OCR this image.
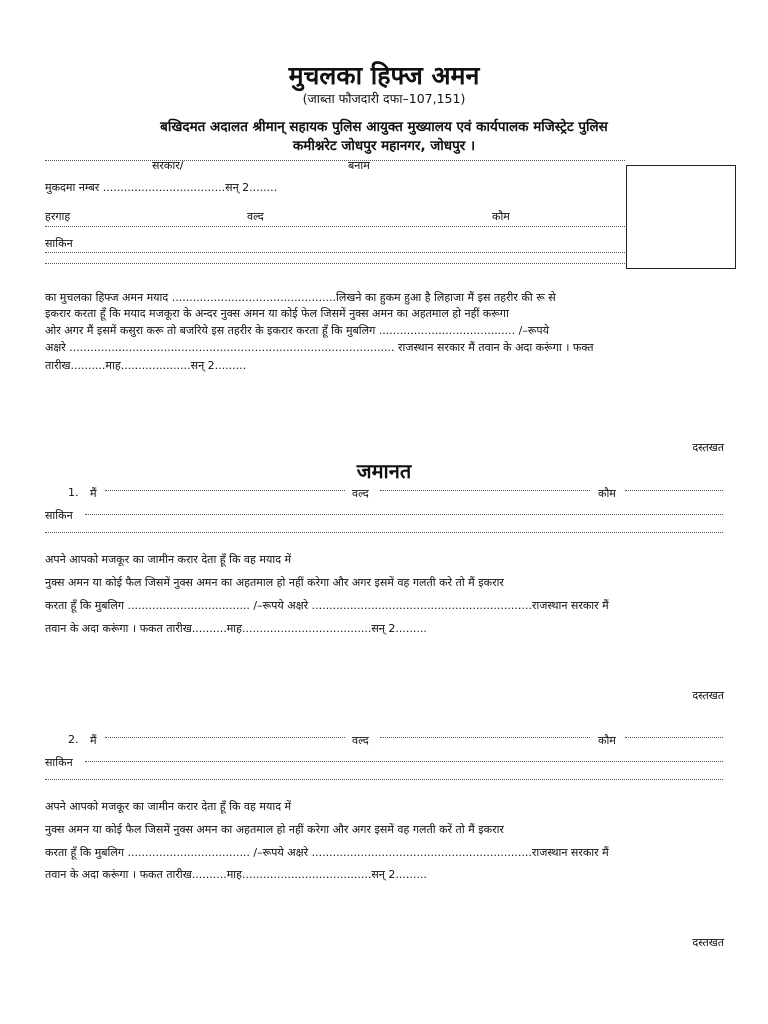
मुचलका हिफ्ज अमन
(जाब्ता फौजदारी दफा–107,151)
बखिदमत अदालत श्रीमान् सहायक पुलिस आयुक्त मुख्यालय एवं कार्यपालक मजिस्ट्रेट पुलिस
कमीश्नरेट जोधपुर महानगर, जोधपुर ।
सरकार/	बनाम
मुकदमा नम्बर ...................................सन् 2........
हरगाह	वल्द	कौम
साकिन
का मुचलका हिफ्ज अमन मयाद ...............................................लिखने का हुकम हुआ है लिहाजा मैं इस तहरीर की रू से
इकरार करता हूँ कि मयाद मजकूरा के अन्दर नुक्स अमन या कोई फेल जिसमें नुक्स अमन का अहतमाल हो नहीं करूगा
ओर अगर मैं इसमें कसुरा करू तो बजरिये इस तहरीर के इकरार करता हूँ कि मुबलिग ....................................... /–रूपये
अक्षरे ............................................................................................. राजस्थान सरकार मैं तवान के अदा करूंगा । फक्त
तारीख..........माह....................सन् 2.........
दस्तखत
जमानत
1. मैं	वल्द	कौम
साकिन
अपने आपको मजकूर का जामीन करार देता हूँ कि वह मयाद में
नुक्स अमन या कोई फैल जिसमें नुक्स अमन का अहतमाल हो नहीं करेगा और अगर इसमें वह गलती करे तो मैं इकरार
करता हूँ कि मुबलिग ................................... /–रूपये अक्षरे ...............................................................राजस्थान सरकार मैं
तवान के अदा करूंगा । फकत तारीख..........माह.....................................सन् 2.........
दस्तखत
2. मैं	वल्द	कौम
साकिन
अपने आपको मजकूर का जामीन करार देता हूँ कि वह मयाद में
नुक्स अमन या कोई फैल जिसमें नुक्स अमन का अहतमाल हो नहीं करेगा और अगर इसमें वह गलती करें तो मैं इकरार
करता हूँ कि मुबलिग ................................... /–रूपये अक्षरे ...............................................................राजस्थान सरकार मैं
तवान के अदा करूंगा । फकत तारीख..........माह.....................................सन् 2.........
दस्तखत
